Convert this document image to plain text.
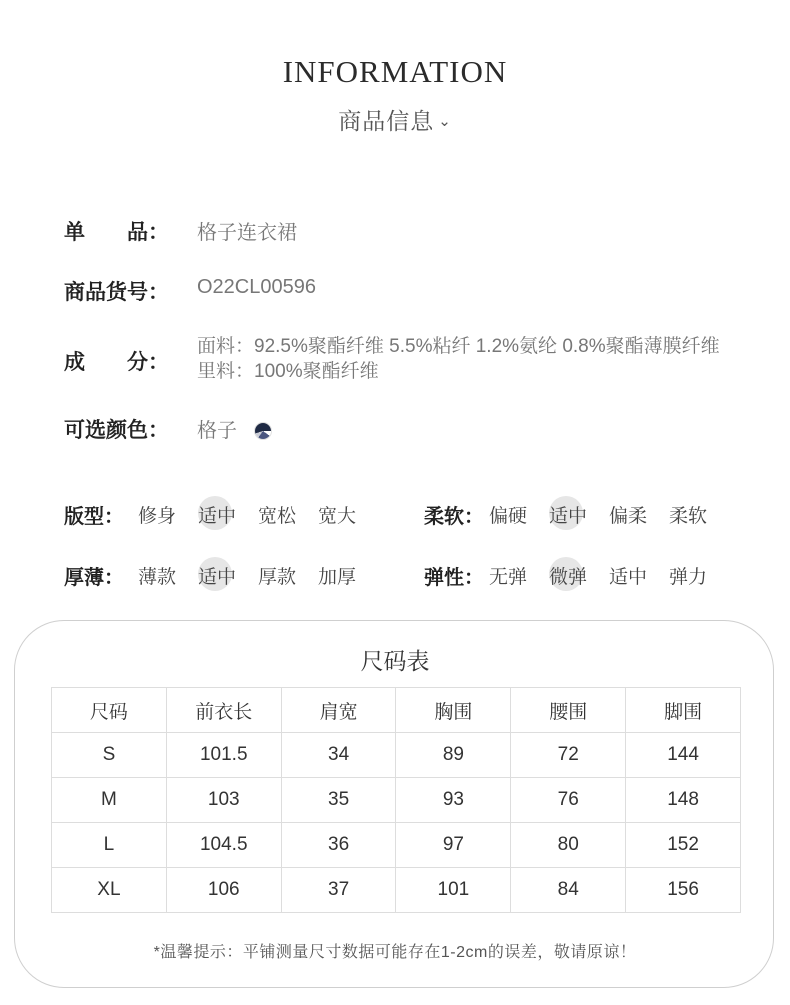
INFORMATION
商品信息 ⌄
单　　品： 格子连衣裙
商品货号： O22CL00596
成　　分：
面料：92.5%聚酯纤维 5.5%粘纤 1.2%氨纶 0.8%聚酯薄膜纤维
里料：100%聚酯纤维
可选颜色： 格子
版型： 修身 适中 宽松 宽大	柔软： 偏硬 适中 偏柔 柔软
厚薄： 薄款 适中 厚款 加厚	弹性： 无弹 微弹 适中 弹力
尺码表
尺码	前衣长	肩宽	胸围	腰围	脚围
S	101.5	34	89	72	144
M	103	35	93	76	148
L	104.5	36	97	80	152
XL	106	37	101	84	156
*温馨提示：平铺测量尺寸数据可能存在1-2cm的误差，敬请原谅！
